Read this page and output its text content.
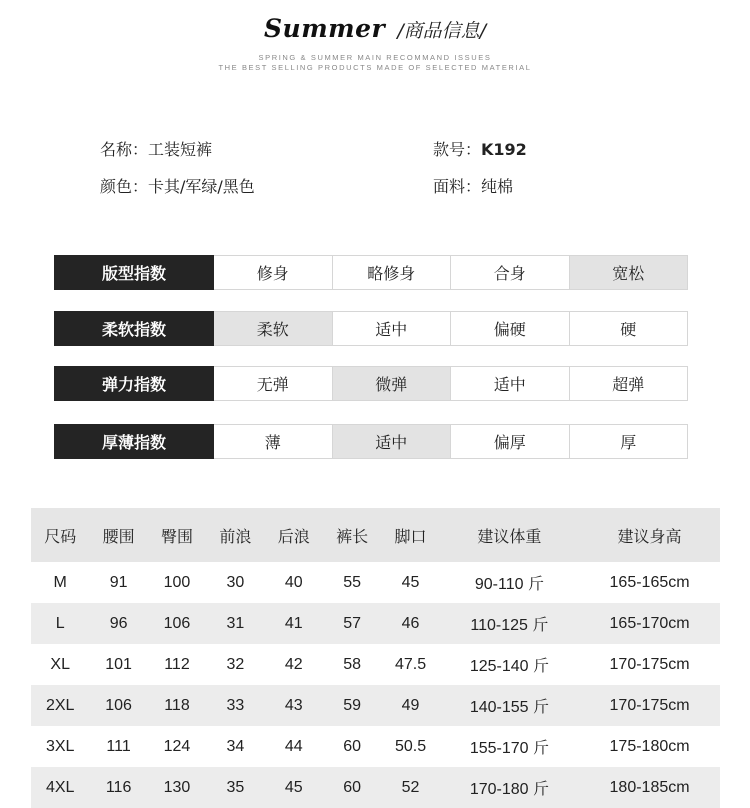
Summer /商品信息/
SPRING & SUMMER MAIN RECOMMAND ISSUES
THE BEST SELLING PRODUCTS MADE OF SELECTED MATERIAL
名称：工装短裤	款号：K192
颜色：卡其/军绿/黑色	面料：纯棉
版型指数	修身	略修身	合身	宽松
柔软指数	柔软	适中	偏硬	硬
弹力指数	无弹	微弹	适中	超弹
厚薄指数	薄	适中	偏厚	厚
尺码	腰围	臀围	前浪	后浪	裤长	脚口	建议体重	建议身高
M	91	100	30	40	55	45	90-110 斤	165-165cm
L	96	106	31	41	57	46	110-125 斤	165-170cm
XL	101	112	32	42	58	47.5	125-140 斤	170-175cm
2XL	106	118	33	43	59	49	140-155 斤	170-175cm
3XL	111	124	34	44	60	50.5	155-170 斤	175-180cm
4XL	116	130	35	45	60	52	170-180 斤	180-185cm
